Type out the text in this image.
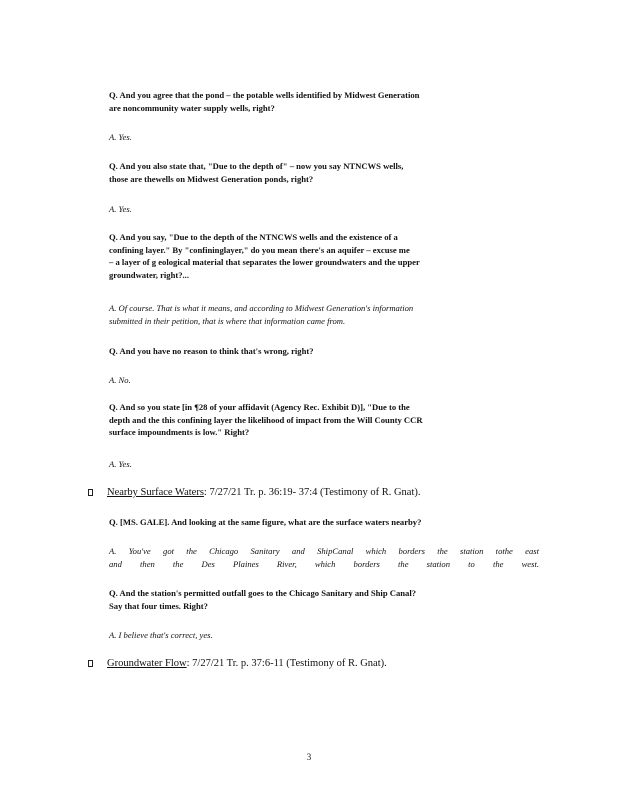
Q. And you agree that the pond – the potable wells identified by Midwest Generation
are noncommunity water supply wells, right?
A. Yes.
Q. And you also state that, "Due to the depth of" – now you say NTNCWS wells,
those are thewells on Midwest Generation ponds, right?
A. Yes.
Q. And you say, "Due to the depth of the NTNCWS wells and the existence of a
confining layer." By "confininglayer," do you mean there's an aquifer – excuse me
– a layer of g eological material that separates the lower groundwaters and the upper
groundwater, right?...
A. Of course. That is what it means, and according to Midwest Generation's information
submitted in their petition, that is where that information came from.
Q. And you have no reason to think that's wrong, right?
A. No.
Q. And so you state [in ¶28 of your affidavit (Agency Rec. Exhibit D)], "Due to the
depth and the this confining layer the likelihood of impact from the Will County CCR
surface impoundments is low." Right?
A. Yes.
Nearby Surface Waters : 7/27/21 Tr. p. 36:19- 37:4 (Testimony of R. Gnat).
Q. [MS. GALE]. And looking at the same figure, what are the surface waters nearby?
A. You've got the Chicago Sanitary and ShipCanal which borders the station tothe east
and then the Des Plaines River, which borders the station to the west.
Q. And the station's permitted outfall goes to the Chicago Sanitary and Ship Canal?
Say that four times. Right?
A. I believe that's correct, yes.
Groundwater Flow : 7/27/21 Tr. p. 37:6-11 (Testimony of R. Gnat).
3
